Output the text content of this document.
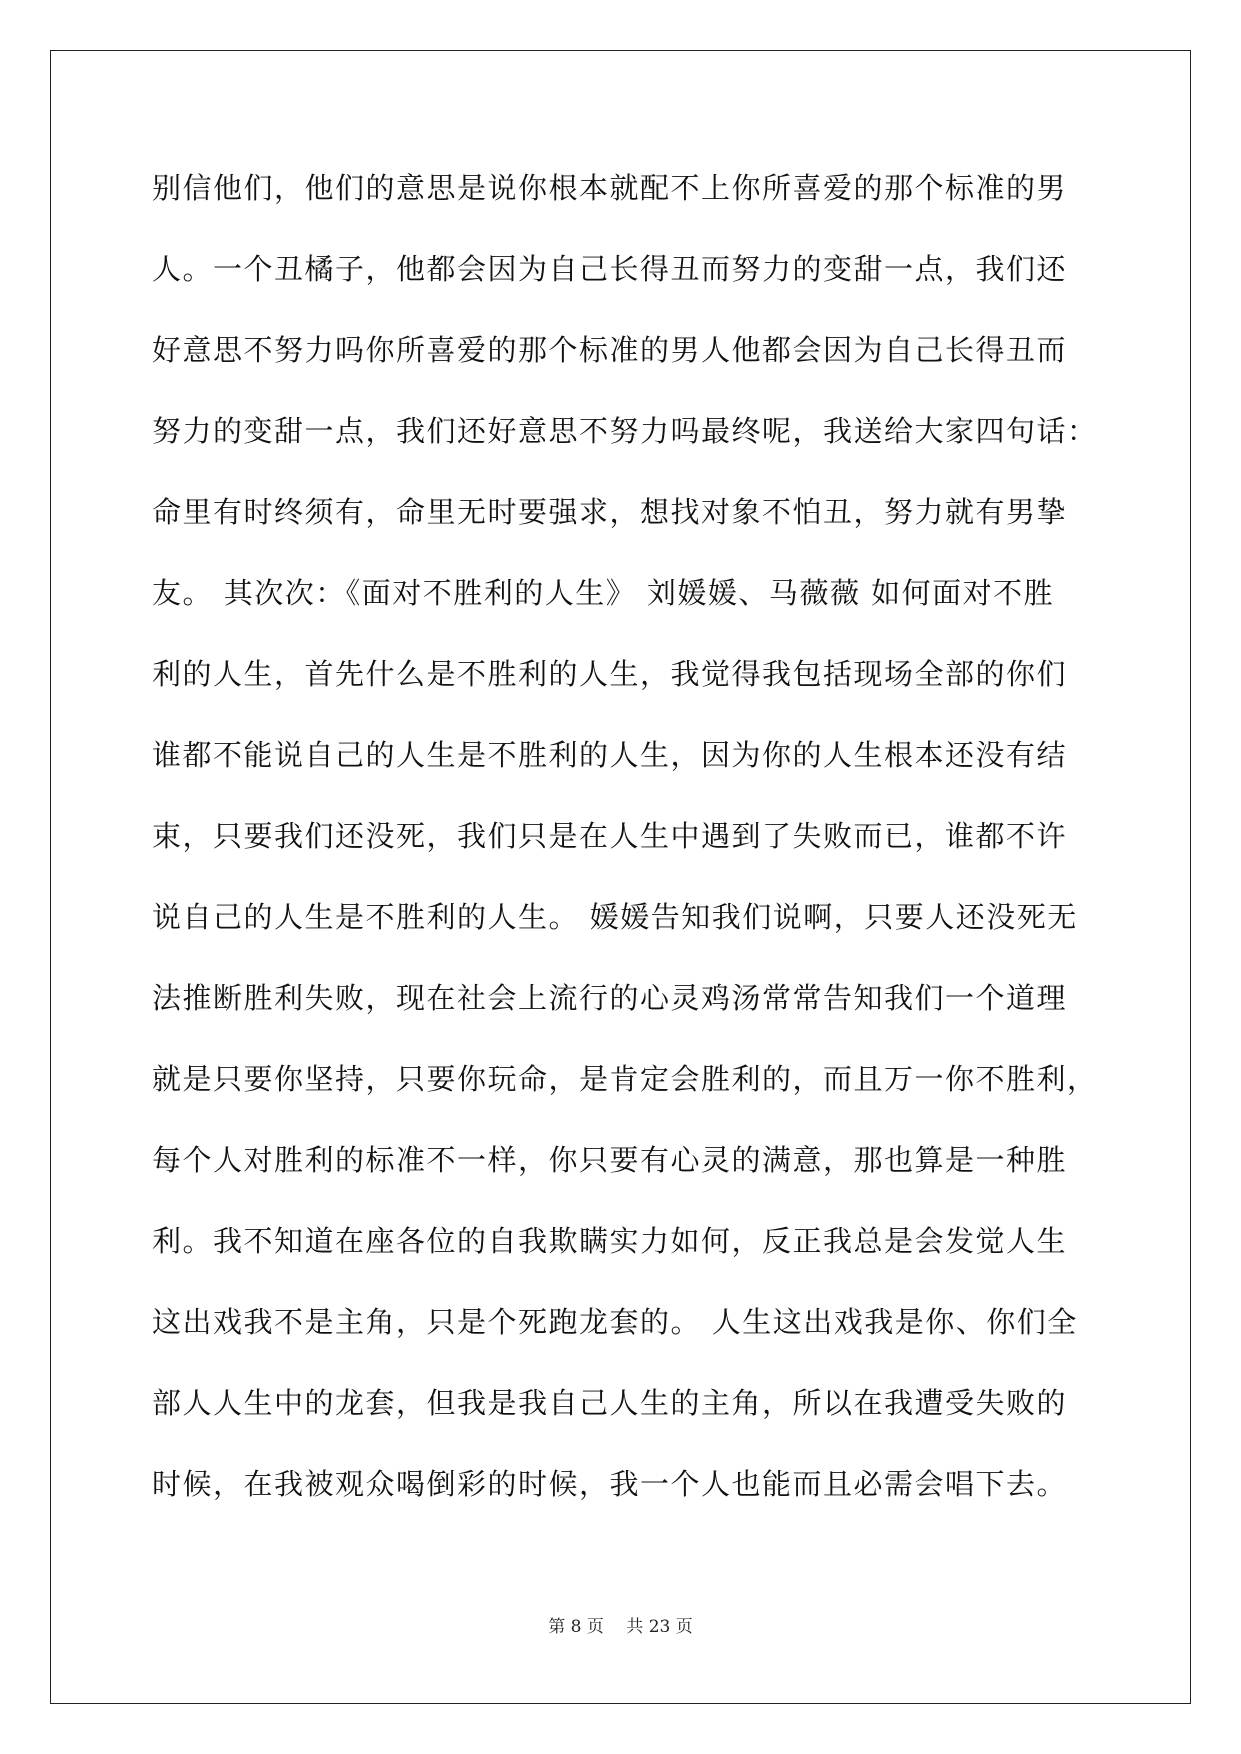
别信他们，他们的意思是说你根本就配不上你所喜爱的那个标准的男
人。一个丑橘子，他都会因为自己长得丑而努力的变甜一点，我们还
好意思不努力吗你所喜爱的那个标准的男人他都会因为自己长得丑而
努力的变甜一点，我们还好意思不努力吗最终呢，我送给大家四句话：
命里有时终须有，命里无时要强求，想找对象不怕丑，努力就有男挚
友。 其次次：《面对不胜利的人生》 刘媛媛、马薇薇 如何面对不胜
利的人生，首先什么是不胜利的人生，我觉得我包括现场全部的你们
谁都不能说自己的人生是不胜利的人生，因为你的人生根本还没有结
束，只要我们还没死，我们只是在人生中遇到了失败而已，谁都不许
说自己的人生是不胜利的人生。 媛媛告知我们说啊，只要人还没死无
法推断胜利失败，现在社会上流行的心灵鸡汤常常告知我们一个道理
就是只要你坚持，只要你玩命，是肯定会胜利的，而且万一你不胜利，
每个人对胜利的标准不一样，你只要有心灵的满意，那也算是一种胜
利。我不知道在座各位的自我欺瞒实力如何，反正我总是会发觉人生
这出戏我不是主角，只是个死跑龙套的。 人生这出戏我是你、你们全
部人人生中的龙套，但我是我自己人生的主角，所以在我遭受失败的
时候，在我被观众喝倒彩的时候，我一个人也能而且必需会唱下去。
第 8 页　 共 23 页
